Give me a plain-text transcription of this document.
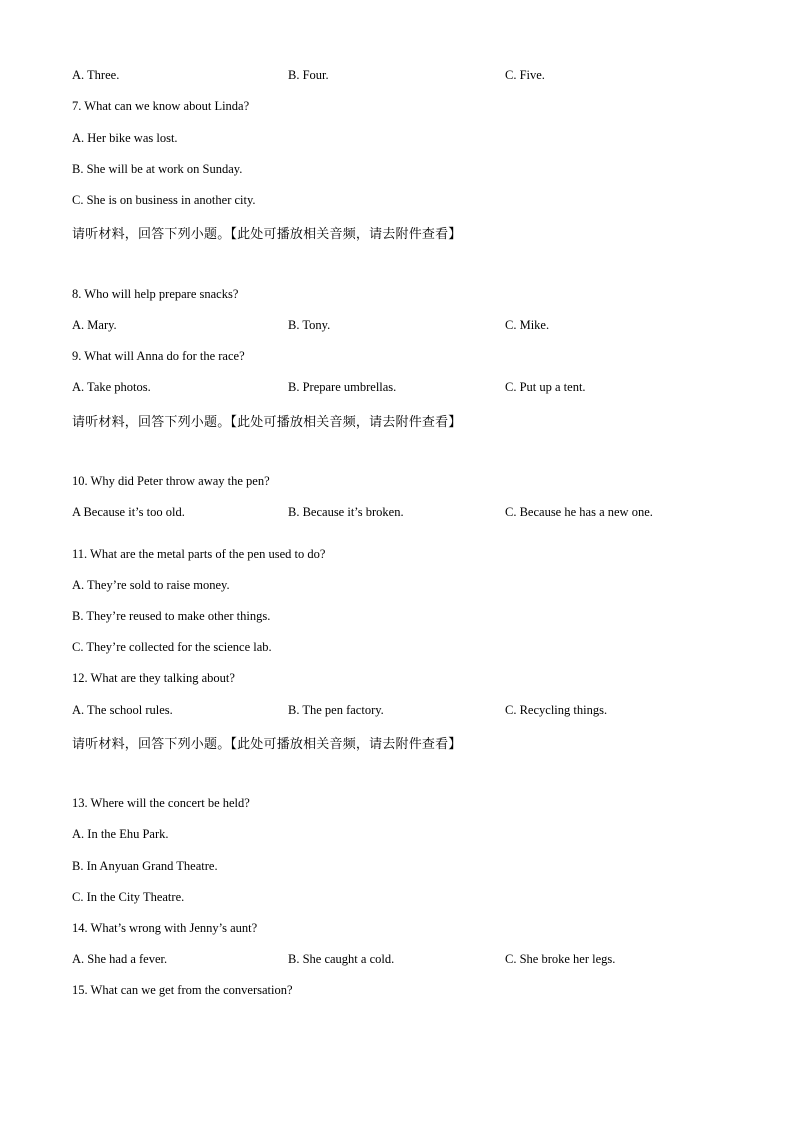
A. Three.	B. Four.	C. Five.
7. What can we know about Linda?
A. Her bike was lost.
B. She will be at work on Sunday.
C. She is on business in another city.
请听材料，回答下列小题。【此处可播放相关音频，请去附件查看】
8. Who will help prepare snacks?
A. Mary.	B. Tony.	C. Mike.
9. What will Anna do for the race?
A. Take photos.	B. Prepare umbrellas.	C. Put up a tent.
请听材料，回答下列小题。【此处可播放相关音频，请去附件查看】
10. Why did Peter throw away the pen?
A Because it’s too old.	B. Because it’s broken.	C. Because he has a new one.
11. What are the metal parts of the pen used to do?
A. They’re sold to raise money.
B. They’re reused to make other things.
C. They’re collected for the science lab.
12. What are they talking about?
A. The school rules.	B. The pen factory.	C. Recycling things.
请听材料，回答下列小题。【此处可播放相关音频，请去附件查看】
13. Where will the concert be held?
A. In the Ehu Park.
B. In Anyuan Grand Theatre.
C. In the City Theatre.
14. What’s wrong with Jenny’s aunt?
A. She had a fever.	B. She caught a cold.	C. She broke her legs.
15. What can we get from the conversation?
